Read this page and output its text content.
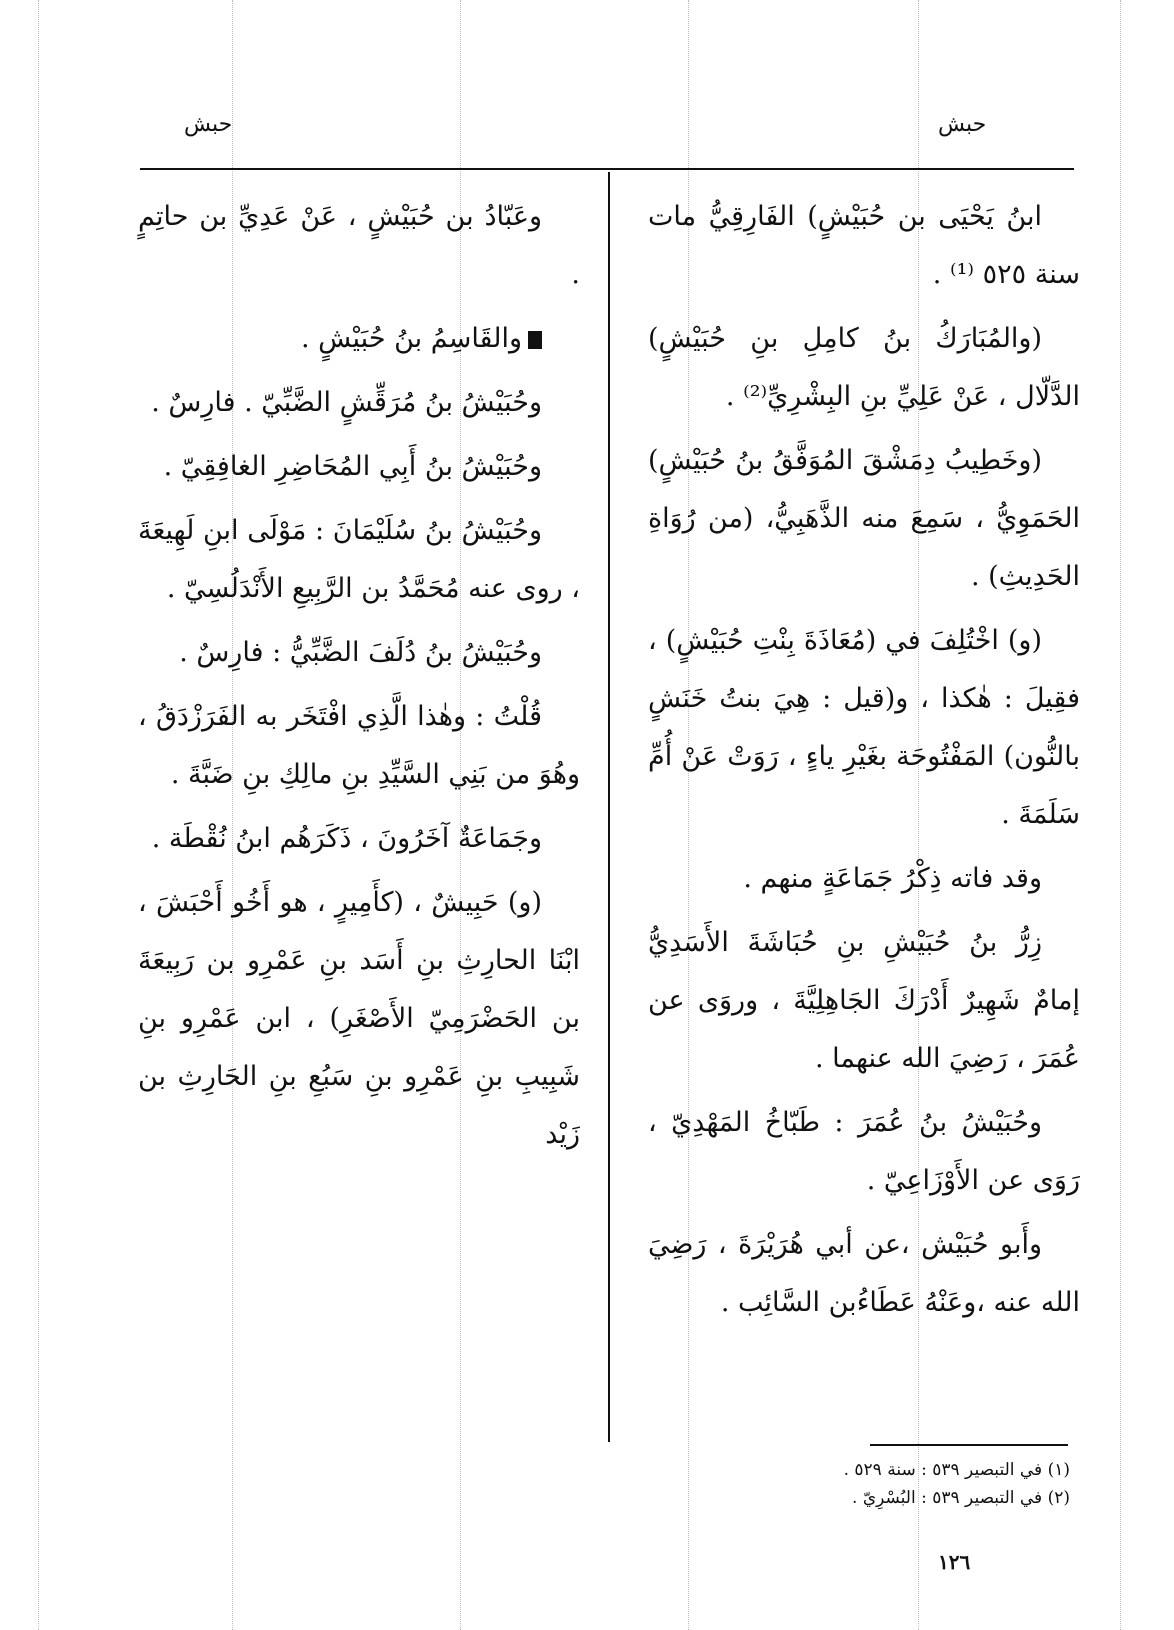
حبش	حبش

ابنُ يَحْيَى بن حُبَيْشٍ) الفَارِقِيُّ مات سنة ٥٢٥ ⁽¹⁾ .

(والمُبَارَكُ بنُ كامِلِ بنِ حُبَيْشٍ) الدَّلّال ، عَنْ عَلِيِّ بنِ البِشْرِيِّ⁽²⁾ .

(وخَطِيبُ دِمَشْقَ المُوَفَّقُ بنُ حُبَيْشٍ) الحَمَوِيُّ ، سَمِعَ منه الذَّهَبِيُّ، (من رُوَاةِ الحَدِيثِ) .

(و) اخْتُلِفَ في (مُعَاذَةَ بِنْتِ حُبَيْشٍ) ، فقِيلَ : هٰكذا ، و(قيل : هِيَ بنتُ خَنَشٍ بالنُّون) المَفْتُوحَة بغَيْرِ ياءٍ ، رَوَتْ عَنْ أُمِّ سَلَمَةَ .

وقد فاته ذِكْرُ جَمَاعَةٍ منهم .

زِرُّ بنُ حُبَيْشِ بنِ حُبَاشَةَ الأَسَدِيُّ إمامٌ شَهِيرٌ أَدْرَكَ الجَاهِلِيَّةَ ، وروَى عن عُمَرَ ، رَضِيَ الله عنهما .

وحُبَيْشُ بنُ عُمَرَ : طَبّاخُ المَهْدِيّ ، رَوَى عن الأَوْزَاعِيّ .

وأَبو حُبَيْش ،عن أبي هُرَيْرَةَ ، رَضِيَ الله عنه ،وعَنْهُ عَطَاءُبن السَّائِب .

وعَبّادُ بن حُبَيْشٍ ، عَنْ عَدِيِّ بن حاتِمٍ .

والقَاسِمُ بنُ حُبَيْشٍ .

وحُبَيْشُ بنُ مُرَقِّشٍ الضَّبِّيّ . فارِسٌ .

وحُبَيْشُ بنُ أَبِي المُحَاضِرِ الغافِقِيّ .

وحُبَيْشُ بنُ سُلَيْمَانَ : مَوْلَى ابنِ لَهِيعَةَ ، روى عنه مُحَمَّدُ بن الرَّبِيعِ الأَنْدَلُسِيّ .

وحُبَيْشُ بنُ دُلَفَ الضَّبِّيُّ : فارِسٌ .

قُلْتُ : وهٰذا الَّذِي افْتَخَر به الفَرَزْدَقُ ، وهُوَ من بَنِي السَّيِّدِ بنِ مالِكِ بنِ ضَبَّةَ .

وجَمَاعَةٌ آخَرُونَ ، ذَكَرَهُم ابنُ نُقْطَة .

(و) حَبِيشٌ ، (كأَمِيرٍ ، هو أَخُو أَحْبَشَ ، ابْنَا الحارِثِ بنِ أَسَد بنِ عَمْرِو بن رَبِيعَةَ بن الحَضْرَمِيّ الأَصْغَرِ) ، ابن عَمْرِو بنِ شَبِيبِ بنِ عَمْرِو بنِ سَبُعِ بنِ الحَارِثِ بن زَيْد

(١) في التبصير ٥٣٩ : سنة ٥٢٩ .
(٢) في التبصير ٥٣٩ : البُسْرِيّ .
١٢٦
